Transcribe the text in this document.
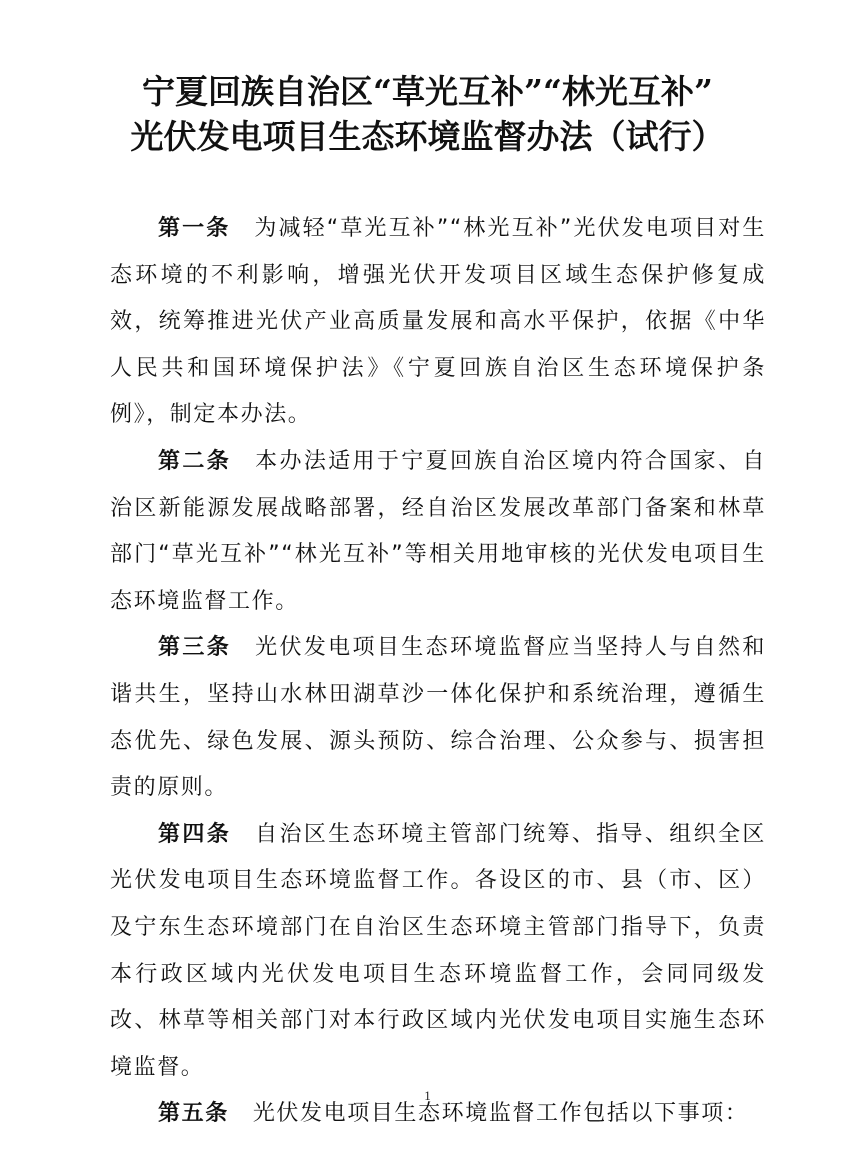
宁夏回族自治区“草光互补”“林光互补”
光伏发电项目生态环境监督办法（试行）

第一条 为减轻“草光互补”“林光互补”光伏发电项目对生态环境的不利影响，增强光伏开发项目区域生态保护修复成效，统筹推进光伏产业高质量发展和高水平保护，依据《中华人民共和国环境保护法》《宁夏回族自治区生态环境保护条例》，制定本办法。

第二条 本办法适用于宁夏回族自治区境内符合国家、自治区新能源发展战略部署，经自治区发展改革部门备案和林草部门“草光互补”“林光互补”等相关用地审核的光伏发电项目生态环境监督工作。

第三条 光伏发电项目生态环境监督应当坚持人与自然和谐共生，坚持山水林田湖草沙一体化保护和系统治理，遵循生态优先、绿色发展、源头预防、综合治理、公众参与、损害担责的原则。

第四条 自治区生态环境主管部门统筹、指导、组织全区光伏发电项目生态环境监督工作。各设区的市、县（市、区）及宁东生态环境部门在自治区生态环境主管部门指导下，负责本行政区域内光伏发电项目生态环境监督工作，会同同级发改、林草等相关部门对本行政区域内光伏发电项目实施生态环境监督。

第五条 光伏发电项目生态环境监督工作包括以下事项：

1
